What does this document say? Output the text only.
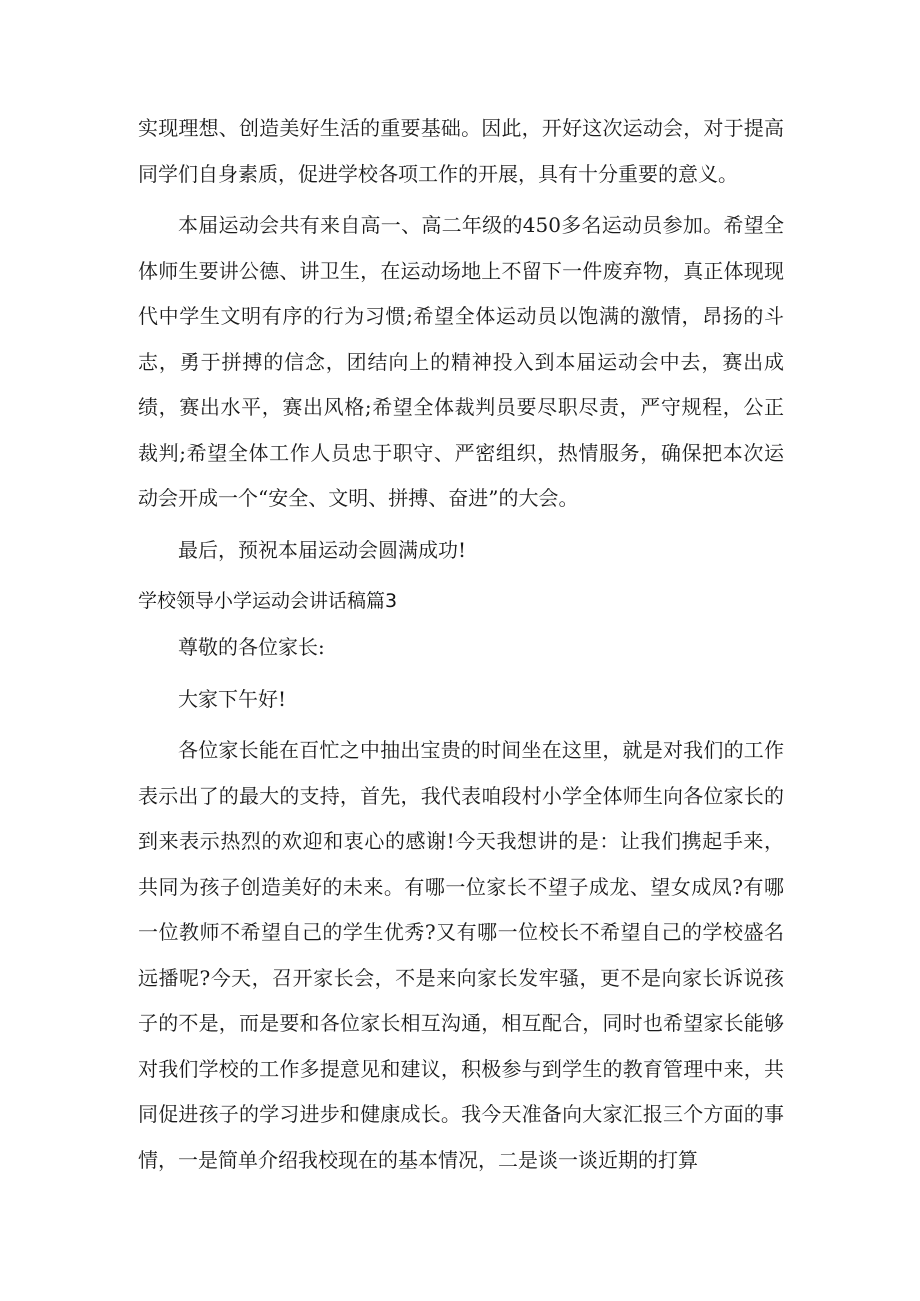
实现理想、创造美好生活的重要基础。因此，开好这次运动会，对于提高同学们自身素质，促进学校各项工作的开展，具有十分重要的意义。

本届运动会共有来自高一、高二年级的450多名运动员参加。希望全体师生要讲公德、讲卫生，在运动场地上不留下一件废弃物，真正体现现代中学生文明有序的行为习惯;希望全体运动员以饱满的激情，昂扬的斗志，勇于拼搏的信念，团结向上的精神投入到本届运动会中去，赛出成绩，赛出水平，赛出风格;希望全体裁判员要尽职尽责，严守规程，公正裁判;希望全体工作人员忠于职守、严密组织，热情服务，确保把本次运动会开成一个“安全、文明、拼搏、奋进”的大会。

最后，预祝本届运动会圆满成功!

学校领导小学运动会讲话稿篇3

尊敬的各位家长:

大家下午好!

各位家长能在百忙之中抽出宝贵的时间坐在这里，就是对我们的工作表示出了的最大的支持，首先，我代表咱段村小学全体师生向各位家长的到来表示热烈的欢迎和衷心的感谢!今天我想讲的是：让我们携起手来，共同为孩子创造美好的未来。有哪一位家长不望子成龙、望女成凤?有哪一位教师不希望自己的学生优秀?又有哪一位校长不希望自己的学校盛名远播呢?今天，召开家长会，不是来向家长发牢骚，更不是向家长诉说孩子的不是，而是要和各位家长相互沟通，相互配合，同时也希望家长能够对我们学校的工作多提意见和建议，积极参与到学生的教育管理中来，共同促进孩子的学习进步和健康成长。我今天准备向大家汇报三个方面的事情，一是简单介绍我校现在的基本情况，二是谈一谈近期的打算
